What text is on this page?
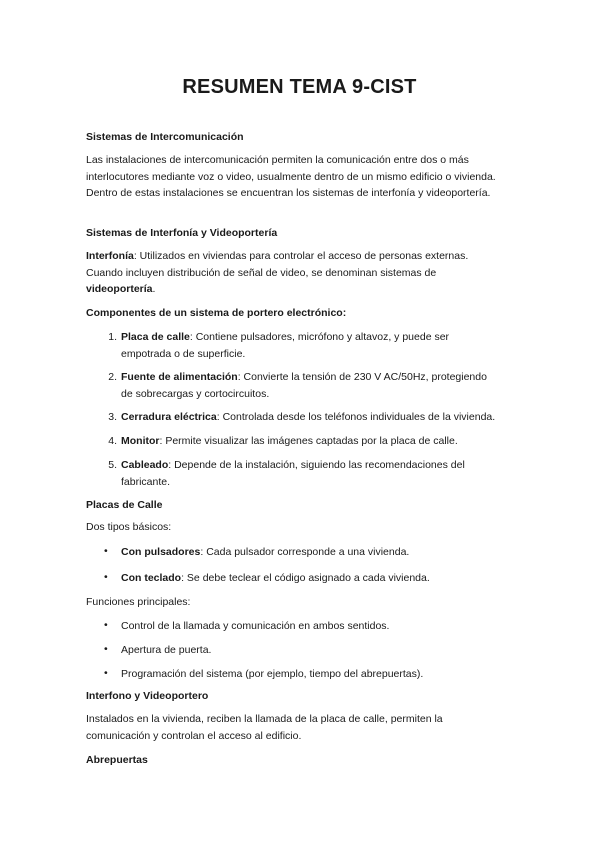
RESUMEN TEMA 9-CIST
Sistemas de Intercomunicación

Las instalaciones de intercomunicación permiten la comunicación entre dos o más interlocutores mediante voz o video, usualmente dentro de un mismo edificio o vivienda. Dentro de estas instalaciones se encuentran los sistemas de interfonía y videoportería.

Sistemas de Interfonía y Videoportería

Interfonía: Utilizados en viviendas para controlar el acceso de personas externas. Cuando incluyen distribución de señal de video, se denominan sistemas de videoportería.

Componentes de un sistema de portero electrónico:
1. Placa de calle: Contiene pulsadores, micrófono y altavoz, y puede ser empotrada o de superficie.

2. Fuente de alimentación: Convierte la tensión de 230 V AC/50Hz, protegiendo de sobrecargas y cortocircuitos.

3. Cerradura eléctrica: Controlada desde los teléfonos individuales de la vivienda.

4. Monitor: Permite visualizar las imágenes captadas por la placa de calle.

5. Cableado: Depende de la instalación, siguiendo las recomendaciones del fabricante.

Placas de Calle
Dos tipos básicos:
• Con pulsadores: Cada pulsador corresponde a una vivienda.

• Con teclado: Se debe teclear el código asignado a cada vivienda.

Funciones principales:
• Control de la llamada y comunicación en ambos sentidos.

• Apertura de puerta.

• Programación del sistema (por ejemplo, tiempo del abrepuertas).

Interfono y Videoportero

Instalados en la vivienda, reciben la llamada de la placa de calle, permiten la comunicación y controlan el acceso al edificio.

Abrepuertas
